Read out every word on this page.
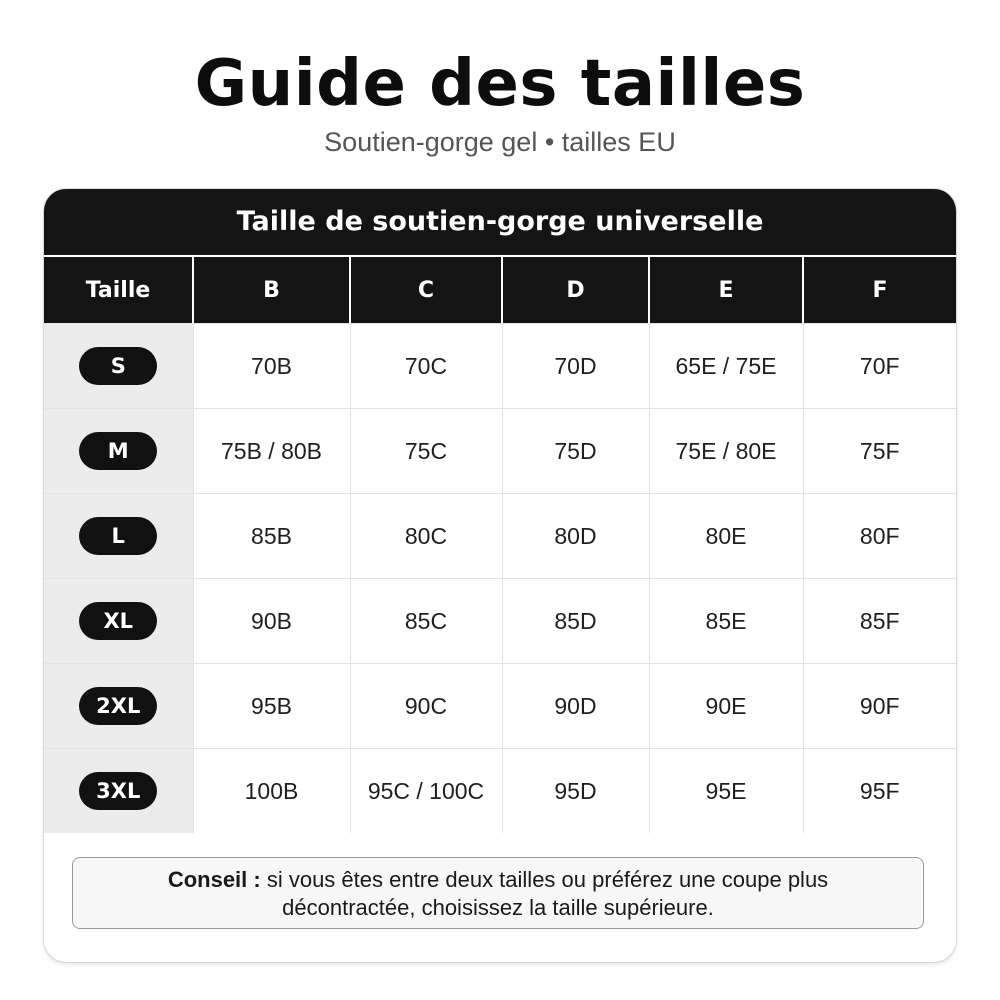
Guide des tailles
Soutien-gorge gel • tailles EU
Taille de soutien-gorge universelle
Taille	B	C	D	E	F
S	70B	70C	70D	65E / 75E	70F
M	75B / 80B	75C	75D	75E / 80E	75F
L	85B	80C	80D	80E	80F
XL	90B	85C	85D	85E	85F
2XL	95B	90C	90D	90E	90F
3XL	100B	95C / 100C	95D	95E	95F
Conseil : si vous êtes entre deux tailles ou préférez une coupe plus
décontractée, choisissez la taille supérieure.
